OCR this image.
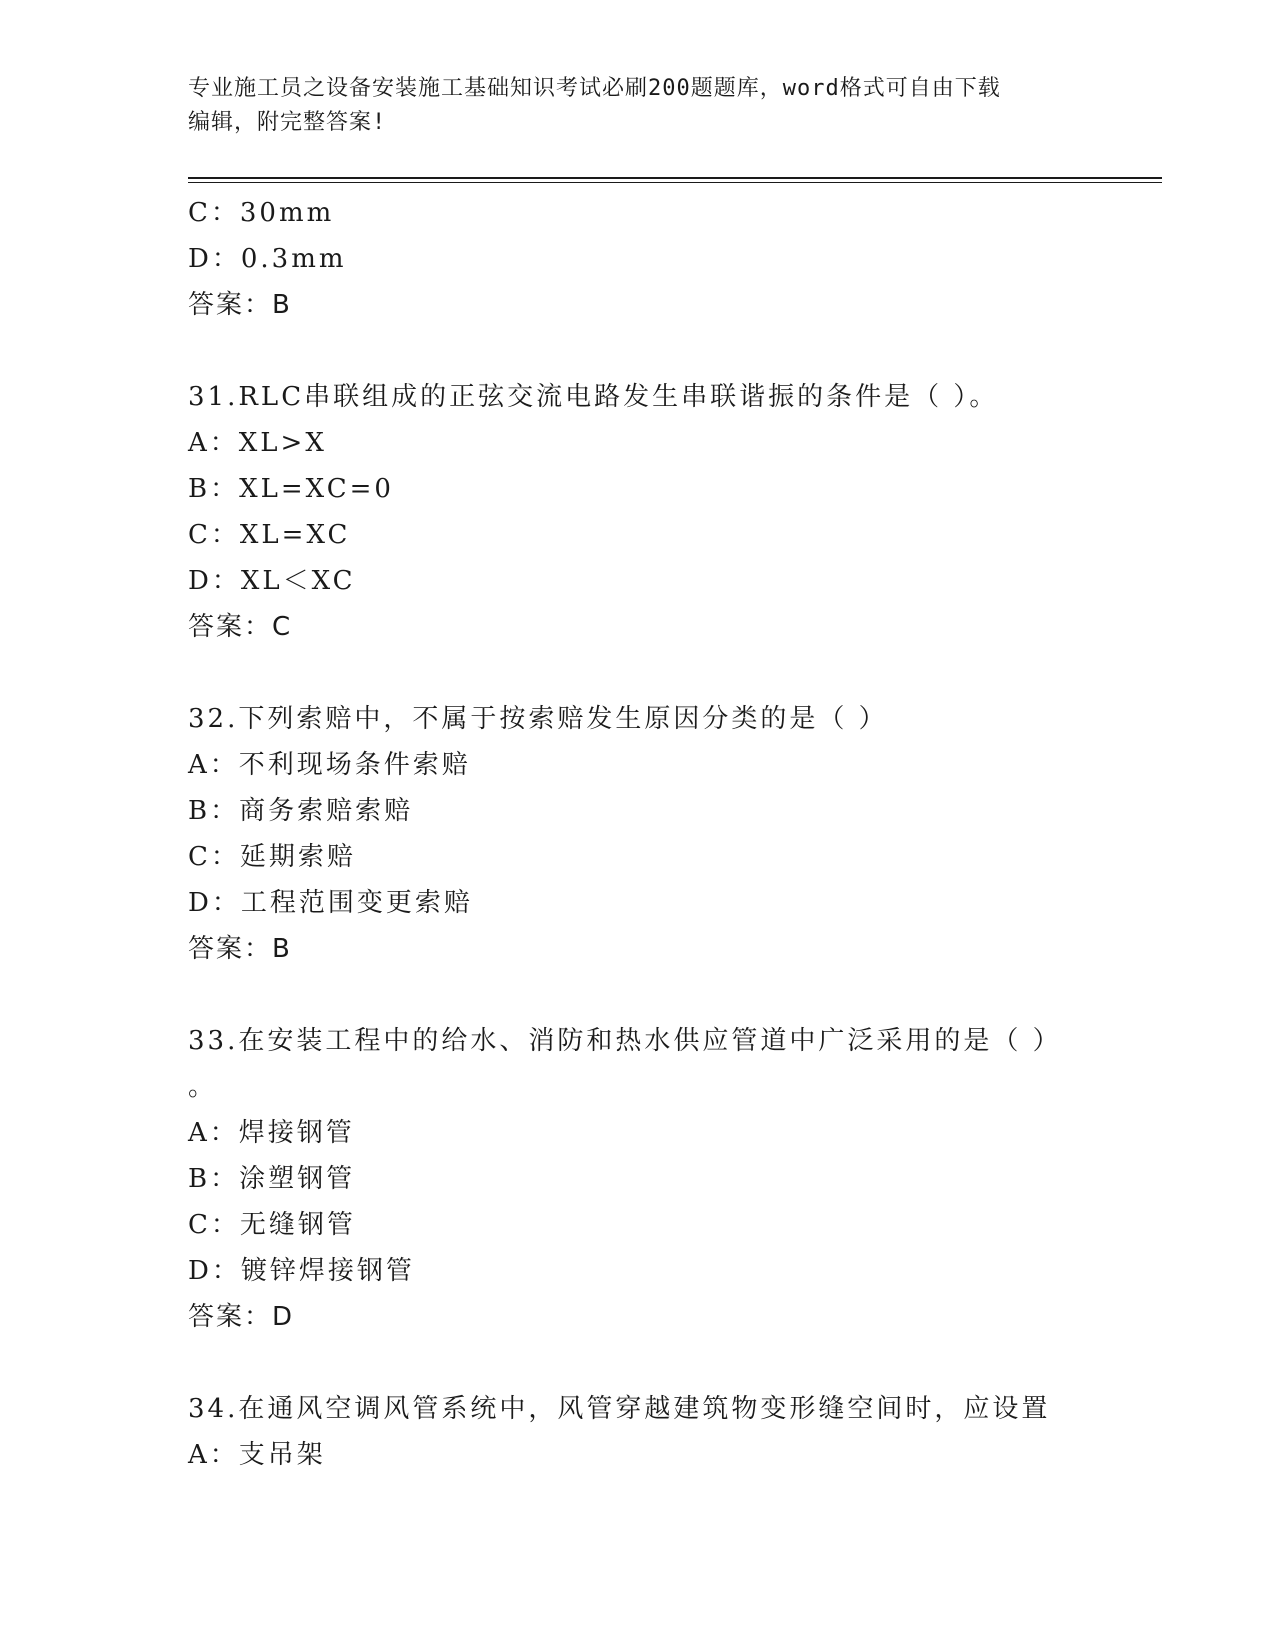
专业施工员之设备安装施工基础知识考试必刷200题题库，word格式可自由下载
编辑，附完整答案!
C：30mm
D：0.3mm
答案：B
31.RLC串联组成的正弦交流电路发生串联谐振的条件是（ ）。
A：XL>X
B：XL=XC=0
C：XL=XC
D：XL＜XC
答案：C
32.下列索赔中，不属于按索赔发生原因分类的是（ ）
A：不利现场条件索赔
B：商务索赔索赔
C：延期索赔
D：工程范围变更索赔
答案：B
33.在安装工程中的给水、消防和热水供应管道中广泛采用的是（ ）
。
A：焊接钢管
B：涂塑钢管
C：无缝钢管
D：镀锌焊接钢管
答案：D
34.在通风空调风管系统中，风管穿越建筑物变形缝空间时，应设置
A：支吊架
